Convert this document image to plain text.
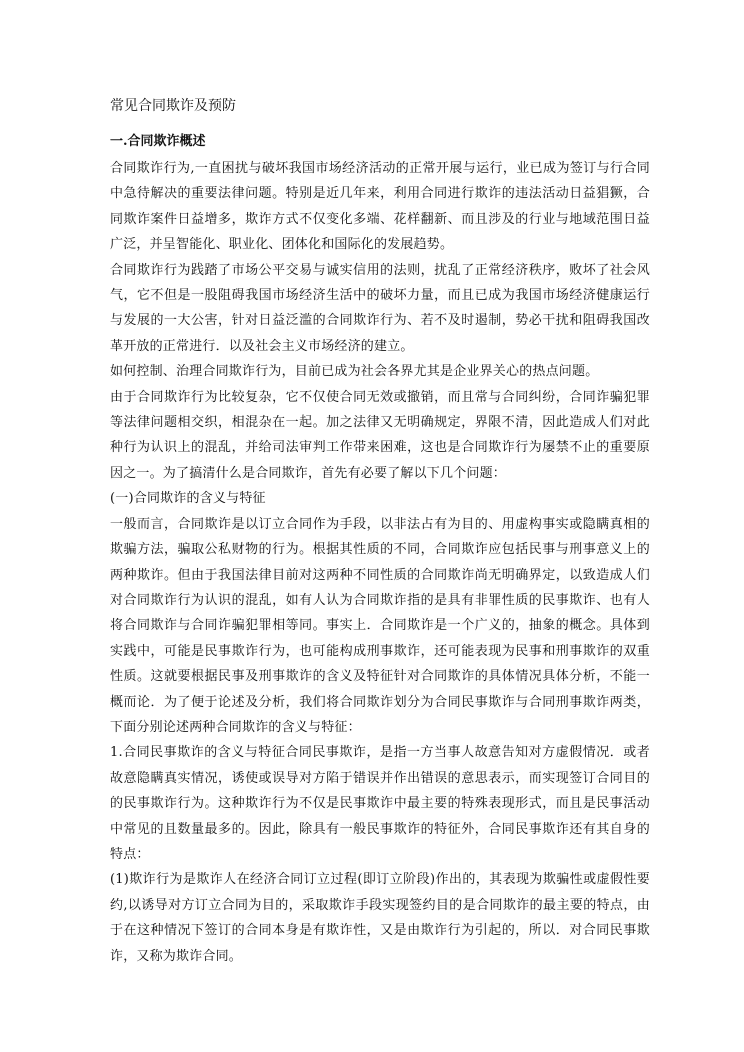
常见合同欺诈及预防
一.合同欺诈概述

合同欺诈行为,一直困扰与破坏我国市场经济活动的正常开展与运行，业已成为签订与行合同中急待解决的重要法律问题。特别是近几年来，利用合同进行欺诈的违法活动日益猖獗，合同欺诈案件日益增多，欺诈方式不仅变化多端、花样翻新、而且涉及的行业与地域范围日益广泛，并呈智能化、职业化、团体化和国际化的发展趋势。

合同欺诈行为践踏了市场公平交易与诚实信用的法则，扰乱了正常经济秩序，败坏了社会风气，它不但是一股阻碍我国市场经济生活中的破坏力量，而且已成为我国市场经济健康运行与发展的一大公害，针对日益泛滥的合同欺诈行为、若不及时遏制，势必干扰和阻碍我国改革开放的正常进行．以及社会主义市场经济的建立。

如何控制、治理合同欺诈行为，目前已成为社会各界尤其是企业界关心的热点问题。

由于合同欺诈行为比较复杂，它不仅使合同无效或撤销，而且常与合同纠纷，合同诈骗犯罪等法律问题相交织，相混杂在一起。加之法律又无明确规定，界限不清，因此造成人们对此种行为认识上的混乱，并给司法审判工作带来困难，这也是合同欺诈行为屡禁不止的重要原因之一。为了搞清什么是合同欺诈，首先有必要了解以下几个问题：

(一)合同欺诈的含义与特征

一般而言，合同欺诈是以订立合同作为手段，以非法占有为目的、用虚构事实或隐瞒真相的欺骗方法，骗取公私财物的行为。根据其性质的不同，合同欺诈应包括民事与刑事意义上的两种欺诈。但由于我国法律目前对这两种不同性质的合同欺诈尚无明确界定，以致造成人们对合同欺诈行为认识的混乱，如有人认为合同欺诈指的是具有非罪性质的民事欺诈、也有人将合同欺诈与合同诈骗犯罪相等同。事实上．合同欺诈是一个广义的，抽象的概念。具体到实践中，可能是民事欺诈行为，也可能构成刑事欺诈，还可能表现为民事和刑事欺诈的双重性质。这就要根据民事及刑事欺诈的含义及特征针对合同欺诈的具体情况具体分析，不能一概而论．为了便于论述及分析，我们将合同欺诈划分为合同民事欺诈与合同刑事欺诈两类，下面分别论述两种合同欺诈的含义与特征：

1.合同民事欺诈的含义与特征合同民事欺诈，是指一方当事人故意告知对方虚假情况．或者故意隐瞒真实情况，诱使或误导对方陷于错误并作出错误的意思表示，而实现签订合同目的的民事欺诈行为。这种欺诈行为不仅是民事欺诈中最主要的特殊表现形式，而且是民事活动中常见的且数量最多的。因此，除具有一般民事欺诈的特征外，合同民事欺诈还有其自身的特点：

(1)欺诈行为是欺诈人在经济合同订立过程(即订立阶段)作出的，其表现为欺骗性或虚假性要约,以诱导对方订立合同为目的，采取欺诈手段实现签约目的是合同欺诈的最主要的特点，由于在这种情况下签订的合同本身是有欺诈性，又是由欺诈行为引起的，所以．对合同民事欺诈，又称为欺诈合同。
